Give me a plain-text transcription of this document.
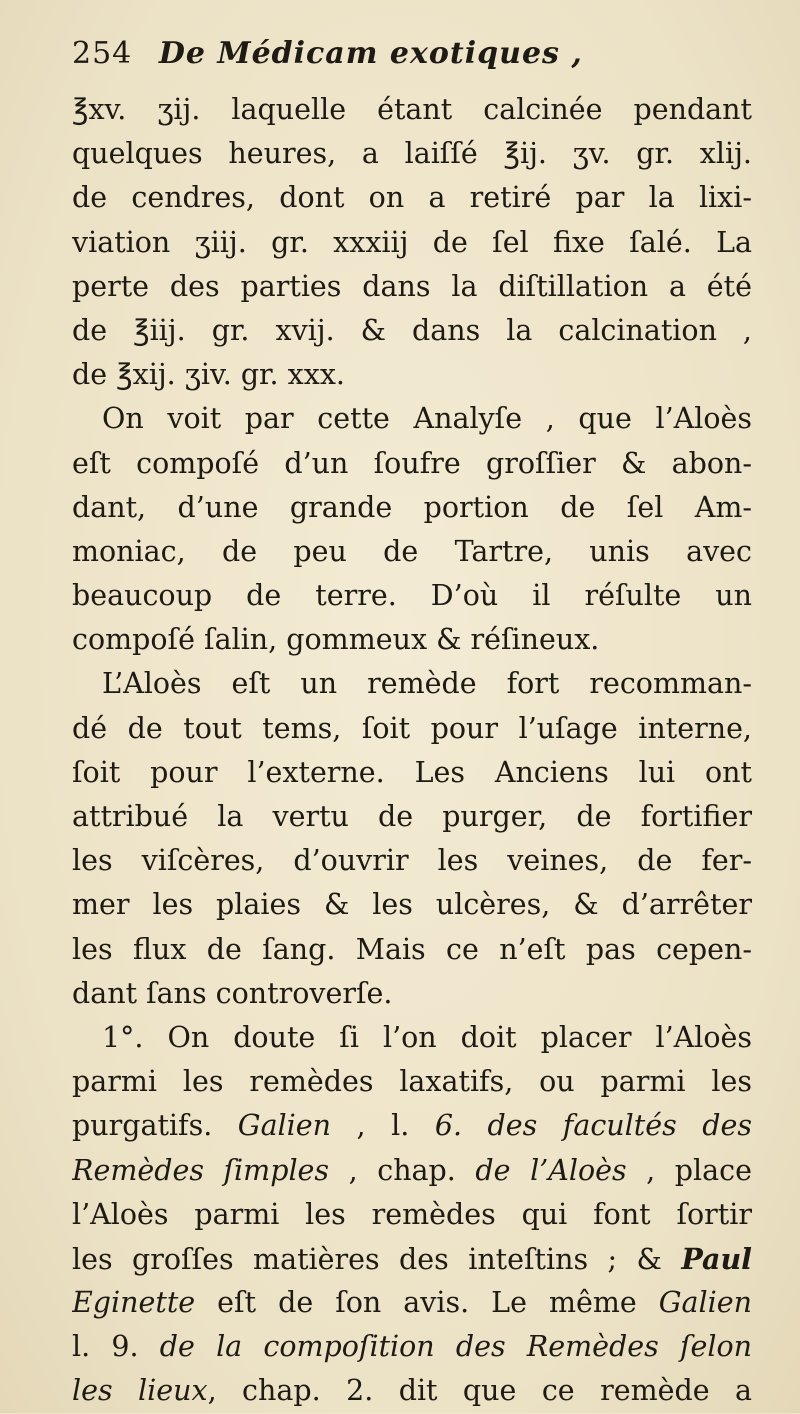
254 De Médicam exotiques ,
℥xv. ʒij. laquelle étant calcinée pendant
quelques heures, a laiſſé ℥ij. ʒv. gr. xlij.
de cendres, dont on a retiré par la lixi-
viation ʒiij. gr. xxxiij de ſel fixe ſalé. La
perte des parties dans la diſtillation a été
de ℥iij. gr. xvij. & dans la calcination ,
de ℥xij. ʒiv. gr. xxx.
On voit par cette Analyſe , que l’Aloès
eſt compoſé d’un ſoufre groſſier & abon-
dant, d’une grande portion de ſel Am-
moniac, de peu de Tartre, unis avec
beaucoup de terre. D’où il réſulte un
compoſé ſalin, gommeux & réſineux.
L’Aloès eſt un remède fort recomman-
dé de tout tems, ſoit pour l’uſage interne,
ſoit pour l’externe. Les Anciens lui ont
attribué la vertu de purger, de fortifier
les viſcères, d’ouvrir les veines, de fer-
mer les plaies & les ulcères, & d’arrêter
les flux de ſang. Mais ce n’eſt pas cepen-
dant ſans controverſe.
1°. On doute ſi l’on doit placer l’Aloès
parmi les remèdes laxatifs, ou parmi les
purgatifs. Galien , l. 6. des facultés des
Remèdes ſimples , chap. de l’Aloès , place
l’Aloès parmi les remèdes qui font ſortir
les groſſes matières des inteſtins ; & Paul
Eginette eſt de ſon avis. Le même Galien
l. 9. de la compoſition des Remèdes ſelon
les lieux, chap. 2. dit que ce remède a
